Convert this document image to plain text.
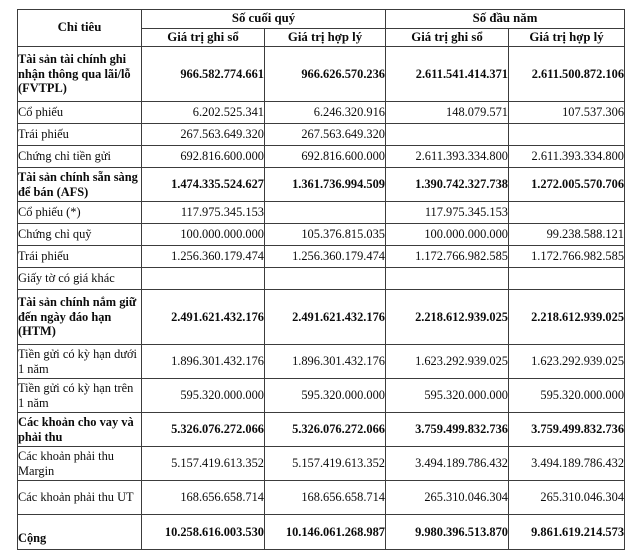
Chỉ tiêu	Số cuối quý		Số đầu năm	
	Giá trị ghi sổ	Giá trị hợp lý	Giá trị ghi sổ	Giá trị hợp lý
Tài sản tài chính ghi nhận thông qua lãi/lỗ (FVTPL)	966.582.774.661	966.626.570.236	2.611.541.414.371	2.611.500.872.106
Cổ phiếu	6.202.525.341	6.246.320.916	148.079.571	107.537.306
Trái phiếu	267.563.649.320	267.563.649.320		
Chứng chỉ tiền gửi	692.816.600.000	692.816.600.000	2.611.393.334.800	2.611.393.334.800
Tài sản chính sẵn sàng để bán (AFS)	1.474.335.524.627	1.361.736.994.509	1.390.742.327.738	1.272.005.570.706
Cổ phiếu (*)	117.975.345.153		117.975.345.153	
Chứng chỉ quỹ	100.000.000.000	105.376.815.035	100.000.000.000	99.238.588.121
Trái phiếu	1.256.360.179.474	1.256.360.179.474	1.172.766.982.585	1.172.766.982.585
Giấy tờ có giá khác				
Tài sản chính nắm giữ đến ngày đáo hạn (HTM)	2.491.621.432.176	2.491.621.432.176	2.218.612.939.025	2.218.612.939.025
Tiền gửi có kỳ hạn dưới 1 năm	1.896.301.432.176	1.896.301.432.176	1.623.292.939.025	1.623.292.939.025
Tiền gửi có kỳ hạn trên 1 năm	595.320.000.000	595.320.000.000	595.320.000.000	595.320.000.000
Các khoản cho vay và phải thu	5.326.076.272.066	5.326.076.272.066	3.759.499.832.736	3.759.499.832.736
Các khoản phải thu Margin	5.157.419.613.352	5.157.419.613.352	3.494.189.786.432	3.494.189.786.432
Các khoản phải thu UT	168.656.658.714	168.656.658.714	265.310.046.304	265.310.046.304
Cộng	10.258.616.003.530	10.146.061.268.987	9.980.396.513.870	9.861.619.214.573
